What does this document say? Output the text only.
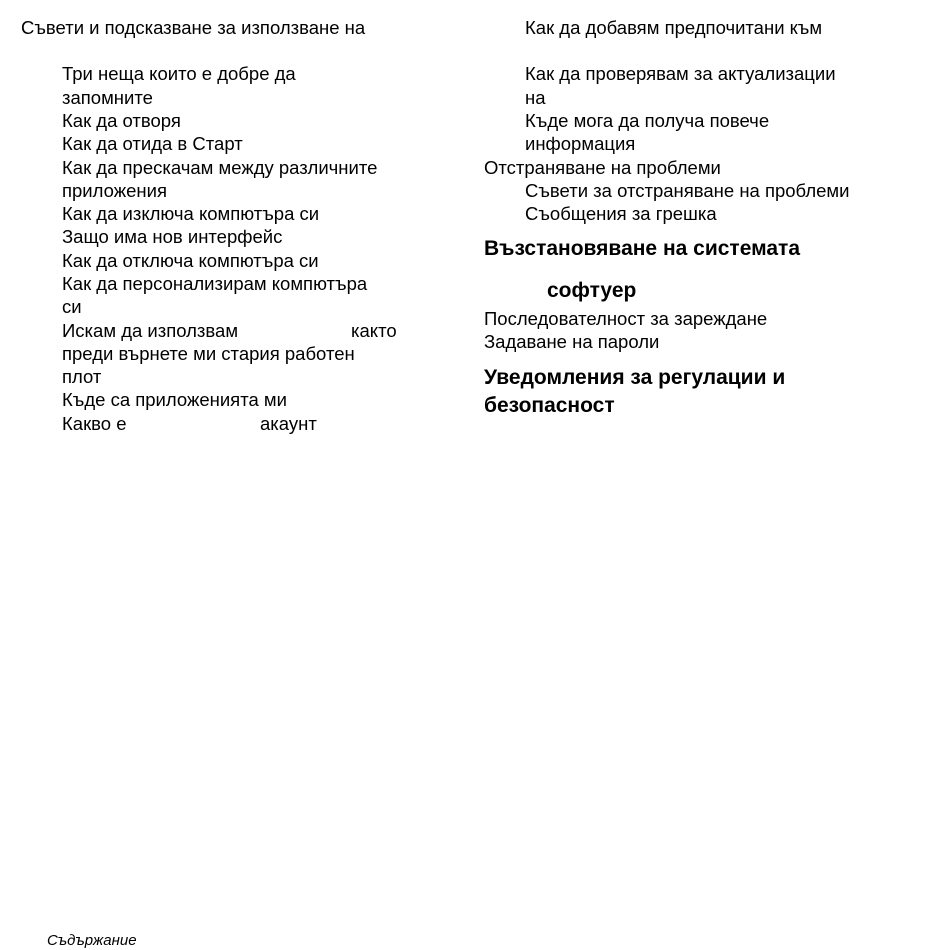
Съвети и подсказване за използване на
Три неща които е добре да
запомните
Как да отворя
Как да отида в Старт
Как да прескачам между различните
приложения
Как да изключа компютъра си
Защо има нов интерфейс
Как да отключа компютъра си
Как да персонализирам компютъра
си
Искам да използвам	както
преди върнете ми стария работен
плот
Къде са приложенията ми
Какво е	акаунт
Как да добавям предпочитани към
Как да проверявам за актуализации
на
Къде мога да получа повече
информация
Отстраняване на проблеми
Съвети за отстраняване на проблеми
Съобщения за грешка
Възстановяване на системата
софтуер
Последователност за зареждане
Задаване на пароли
Уведомления за регулации и
безопасност
Съдържание
